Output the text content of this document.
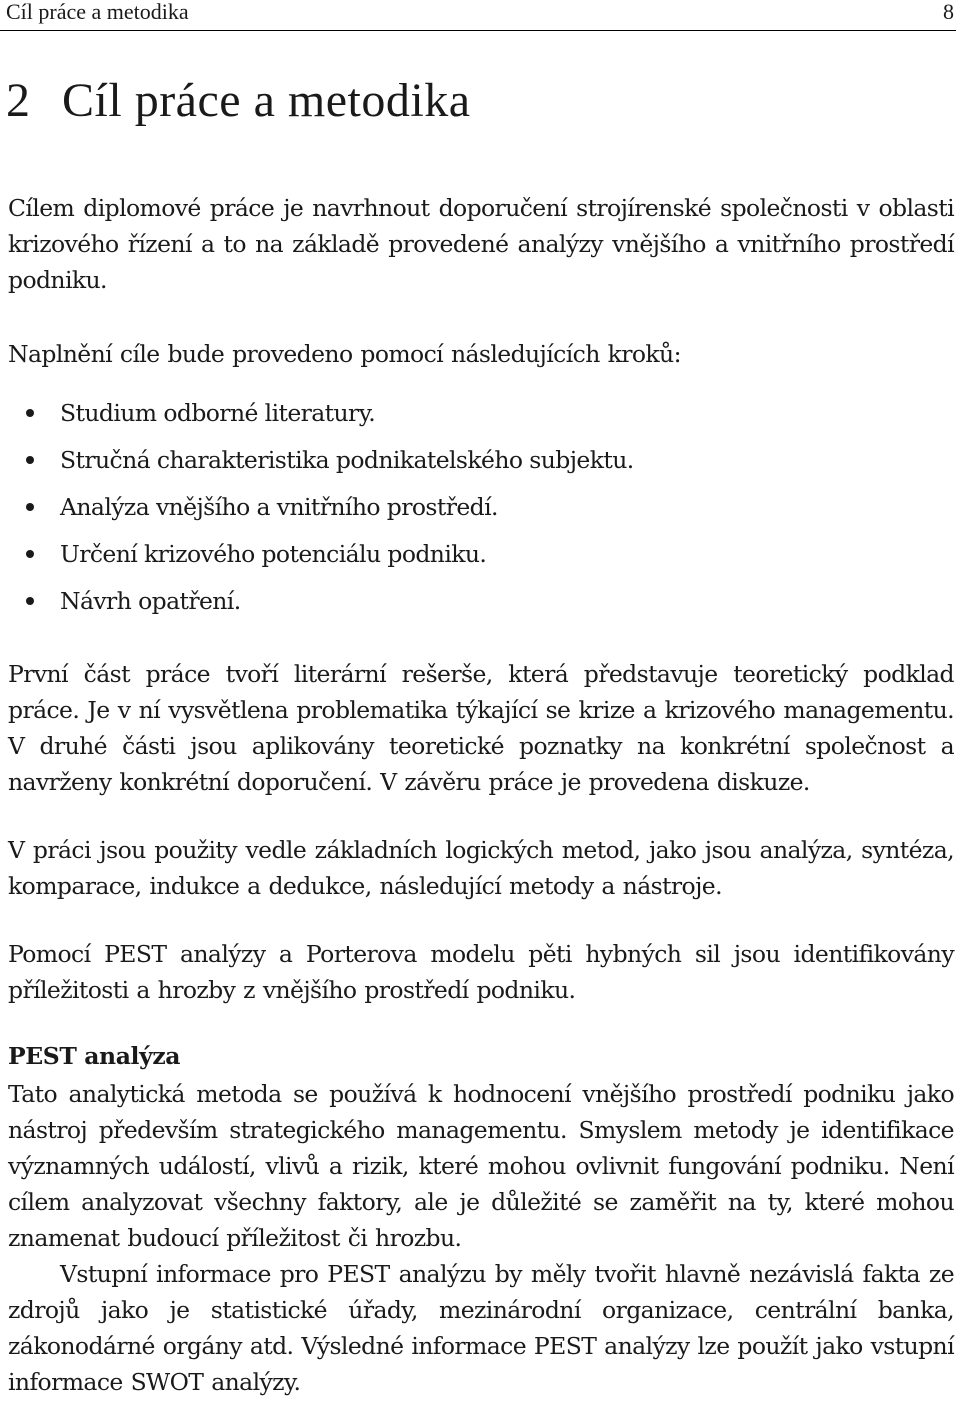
Cíl práce a metodika	8
2 Cíl práce a metodika

Cílem diplomové práce je navrhnout doporučení strojírenské společnosti v oblasti krizového řízení a to na základě provedené analýzy vnějšího a vnitřního prostředí podniku.

Naplnění cíle bude provedeno pomocí následujících kroků:

Studium odborné literatury.
Stručná charakteristika podnikatelského subjektu.
Analýza vnějšího a vnitřního prostředí.
Určení krizového potenciálu podniku.
Návrh opatření.

První část práce tvoří literární rešerše, která představuje teoretický podklad práce. Je v ní vysvětlena problematika týkající se krize a krizového managementu. V druhé části jsou aplikovány teoretické poznatky na konkrétní společnost a navrženy konkrétní doporučení. V závěru práce je provedena diskuze.

V práci jsou použity vedle základních logických metod, jako jsou analýza, syntéza, komparace, indukce a dedukce, následující metody a nástroje.

Pomocí PEST analýzy a Porterova modelu pěti hybných sil jsou identifikovány příležitosti a hrozby z vnějšího prostředí podniku.

PEST analýza

Tato analytická metoda se používá k hodnocení vnějšího prostředí podniku jako nástroj především strategického managementu. Smyslem metody je identifikace významných událostí, vlivů a rizik, které mohou ovlivnit fungování podniku. Není cílem analyzovat všechny faktory, ale je důležité se zaměřit na ty, které mohou znamenat budoucí příležitost či hrozbu.

Vstupní informace pro PEST analýzu by měly tvořit hlavně nezávislá fakta ze zdrojů jako je statistické úřady, mezinárodní organizace, centrální banka, zákonodárné orgány atd. Výsledné informace PEST analýzy lze použít jako vstupní informace SWOT analýzy.
